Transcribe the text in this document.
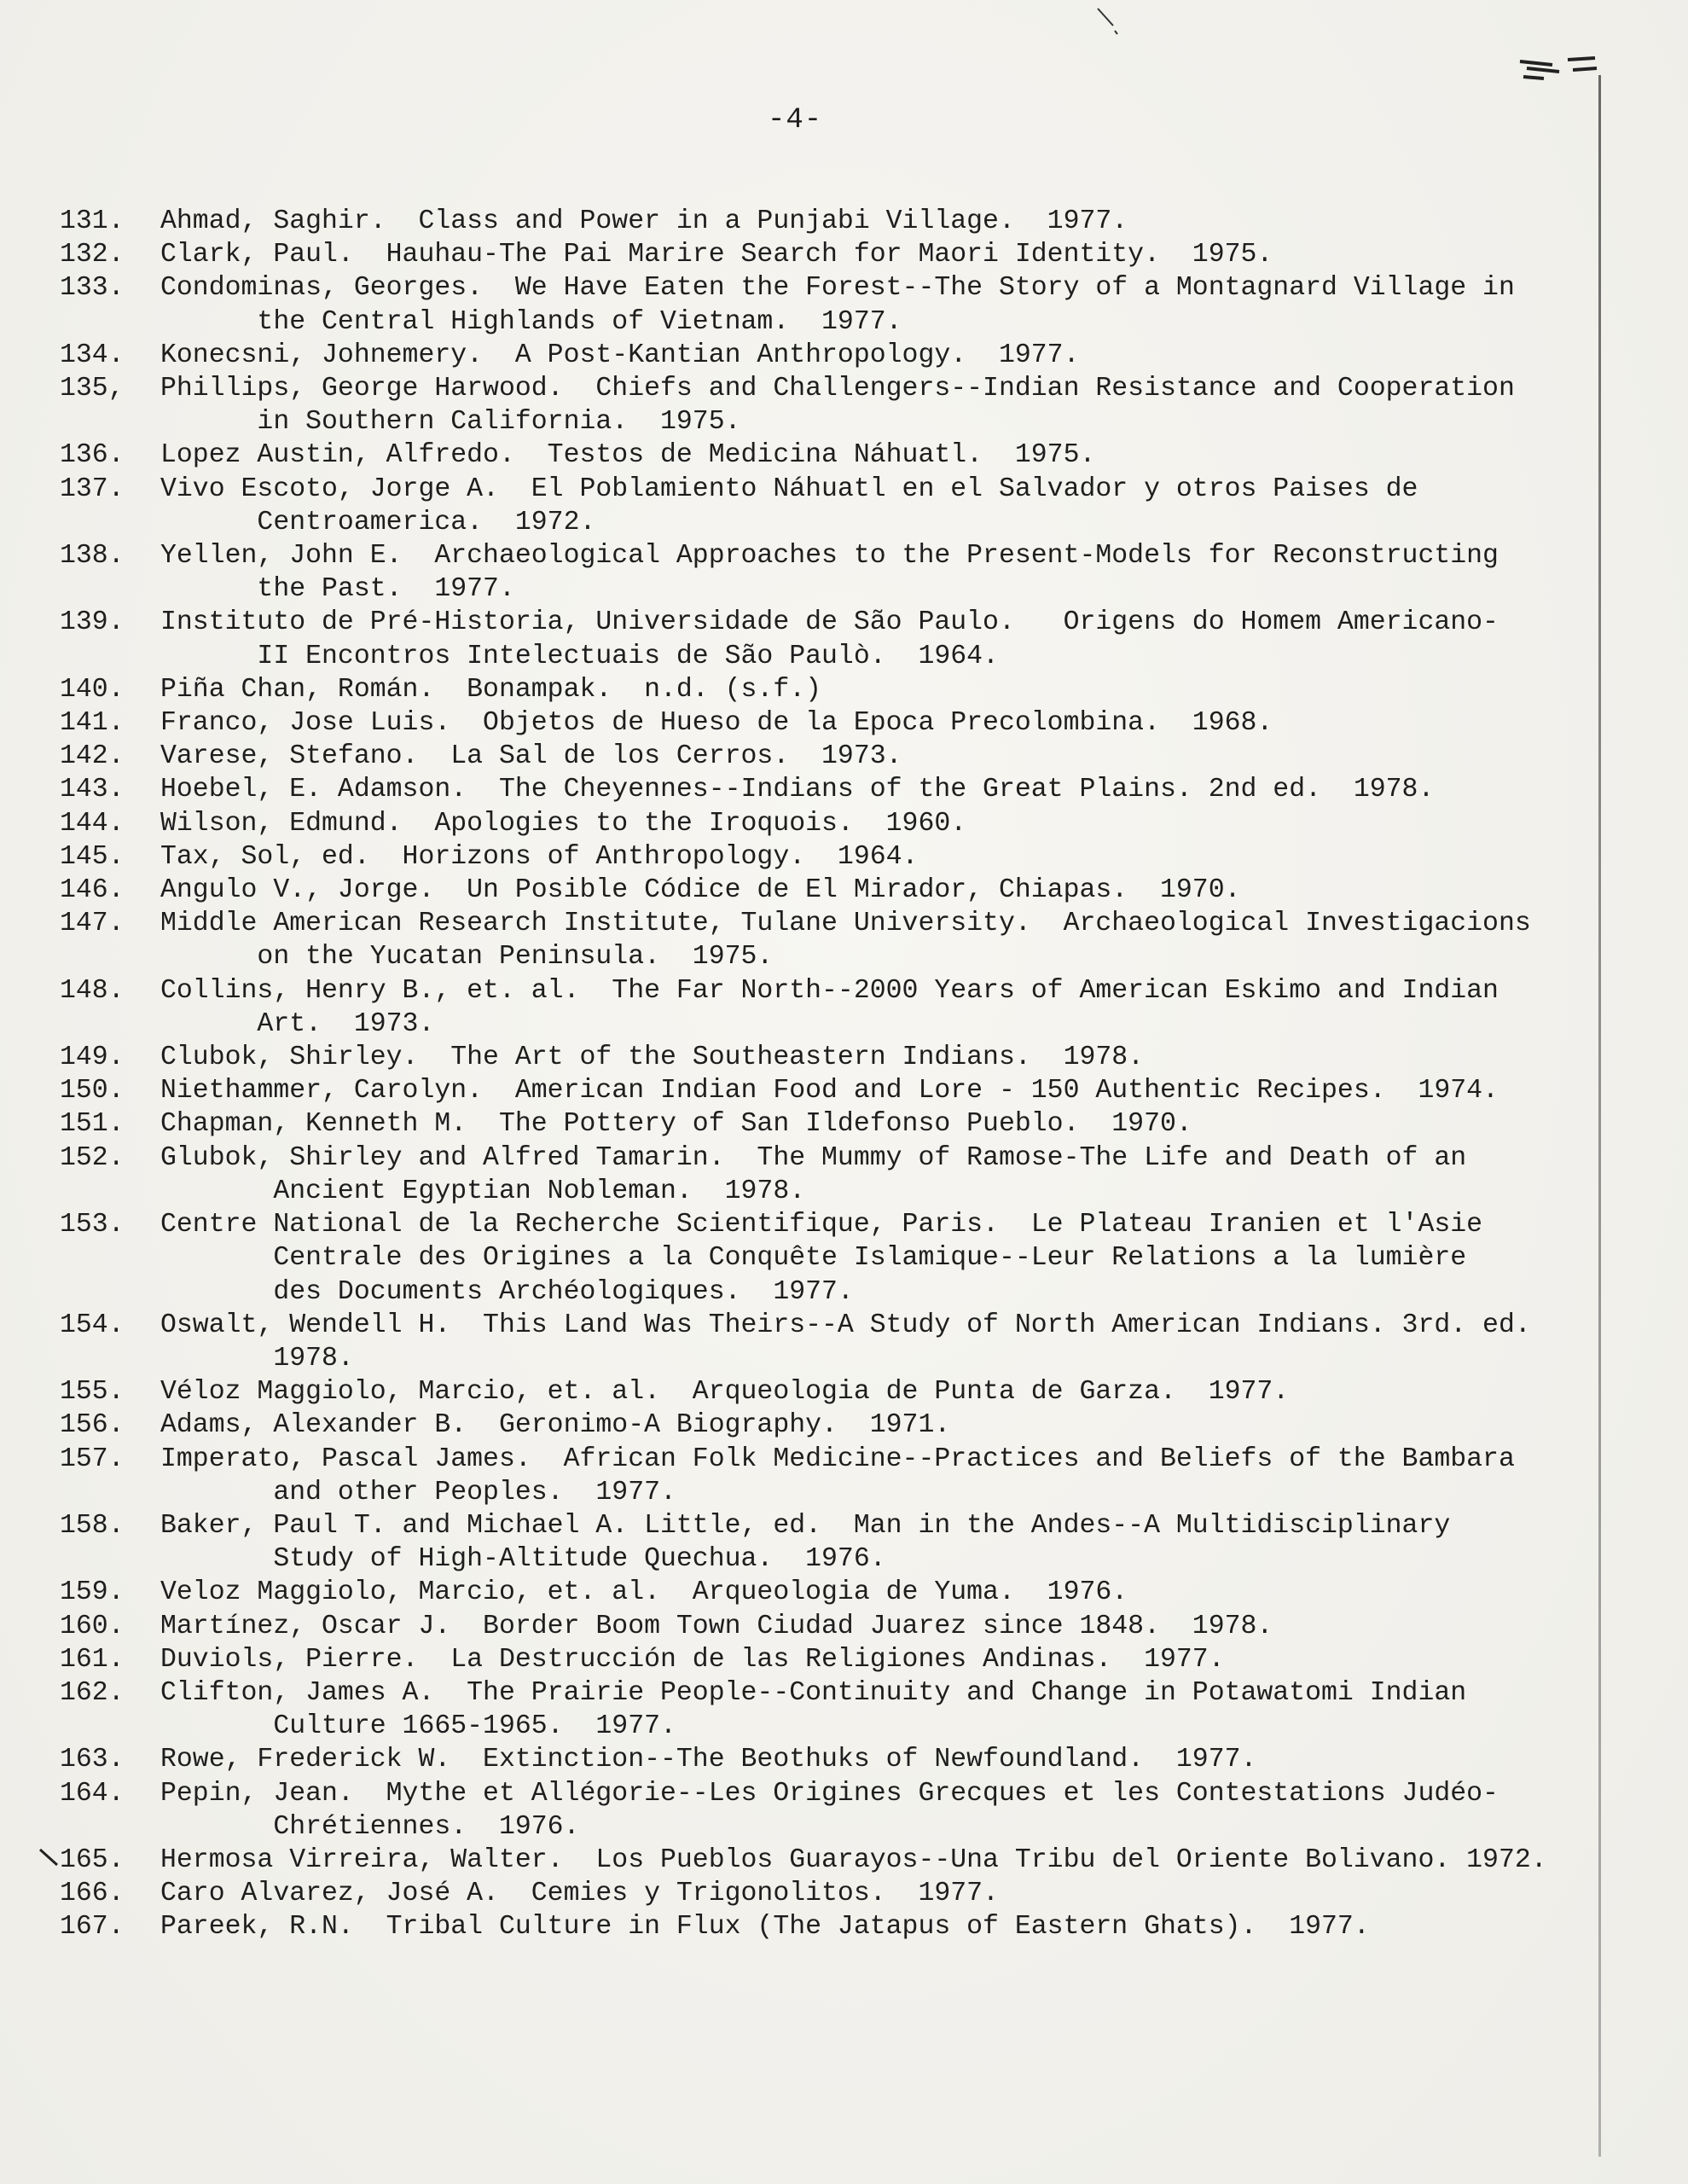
-4-
131.	Ahmad, Saghir.  Class and Power in a Punjabi Village.  1977.
132.	Clark, Paul.  Hauhau-The Pai Marire Search for Maori Identity.  1975.
133.	Condominas, Georges.  We Have Eaten the Forest--The Story of a Montagnard Village in
the Central Highlands of Vietnam.  1977.
134.	Konecsni, Johnemery.  A Post-Kantian Anthropology.  1977.
135,	Phillips, George Harwood.  Chiefs and Challengers--Indian Resistance and Cooperation
in Southern California.  1975.
136.	Lopez Austin, Alfredo.  Testos de Medicina Náhuatl.  1975.
137.	Vivo Escoto, Jorge A.  El Poblamiento Náhuatl en el Salvador y otros Paises de
Centroamerica.  1972.
138.	Yellen, John E.  Archaeological Approaches to the Present-Models for Reconstructing
the Past.  1977.
139.	Instituto de Pré-Historia, Universidade de São Paulo.   Origens do Homem Americano-
II Encontros Intelectuais de São Paulò.  1964.
140.	Piña Chan, Román.  Bonampak.  n.d. (s.f.)
141.	Franco, Jose Luis.  Objetos de Hueso de la Epoca Precolombina.  1968.
142.	Varese, Stefano.  La Sal de los Cerros.  1973.
143.	Hoebel, E. Adamson.  The Cheyennes--Indians of the Great Plains. 2nd ed.  1978.
144.	Wilson, Edmund.  Apologies to the Iroquois.  1960.
145.	Tax, Sol, ed.  Horizons of Anthropology.  1964.
146.	Angulo V., Jorge.  Un Posible Códice de El Mirador, Chiapas.  1970.
147.	Middle American Research Institute, Tulane University.  Archaeological Investigacions
on the Yucatan Peninsula.  1975.
148.	Collins, Henry B., et. al.  The Far North--2000 Years of American Eskimo and Indian
Art.  1973.
149.	Clubok, Shirley.  The Art of the Southeastern Indians.  1978.
150.	Niethammer, Carolyn.  American Indian Food and Lore - 150 Authentic Recipes.  1974.
151.	Chapman, Kenneth M.  The Pottery of San Ildefonso Pueblo.  1970.
152.	Glubok, Shirley and Alfred Tamarin.  The Mummy of Ramose-The Life and Death of an
Ancient Egyptian Nobleman.  1978.
153.	Centre National de la Recherche Scientifique, Paris.  Le Plateau Iranien et l'Asie
Centrale des Origines a la Conquête Islamique--Leur Relations a la lumière
des Documents Archéologiques.  1977.
154.	Oswalt, Wendell H.  This Land Was Theirs--A Study of North American Indians. 3rd. ed.
1978.
155.	Véloz Maggiolo, Marcio, et. al.  Arqueologia de Punta de Garza.  1977.
156.	Adams, Alexander B.  Geronimo-A Biography.  1971.
157.	Imperato, Pascal James.  African Folk Medicine--Practices and Beliefs of the Bambara
and other Peoples.  1977.
158.	Baker, Paul T. and Michael A. Little, ed.  Man in the Andes--A Multidisciplinary
Study of High-Altitude Quechua.  1976.
159.	Veloz Maggiolo, Marcio, et. al.  Arqueologia de Yuma.  1976.
160.	Martínez, Oscar J.  Border Boom Town Ciudad Juarez since 1848.  1978.
161.	Duviols, Pierre.  La Destrucción de las Religiones Andinas.  1977.
162.	Clifton, James A.  The Prairie People--Continuity and Change in Potawatomi Indian
Culture 1665-1965.  1977.
163.	Rowe, Frederick W.  Extinction--The Beothuks of Newfoundland.  1977.
164.	Pepin, Jean.  Mythe et Allégorie--Les Origines Grecques et les Contestations Judéo-
Chrétiennes.  1976.
165.	Hermosa Virreira, Walter.  Los Pueblos Guarayos--Una Tribu del Oriente Bolivano. 1972.
166.	Caro Alvarez, José A.  Cemies y Trigonolitos.  1977.
167.	Pareek, R.N.  Tribal Culture in Flux (The Jatapus of Eastern Ghats).  1977.
